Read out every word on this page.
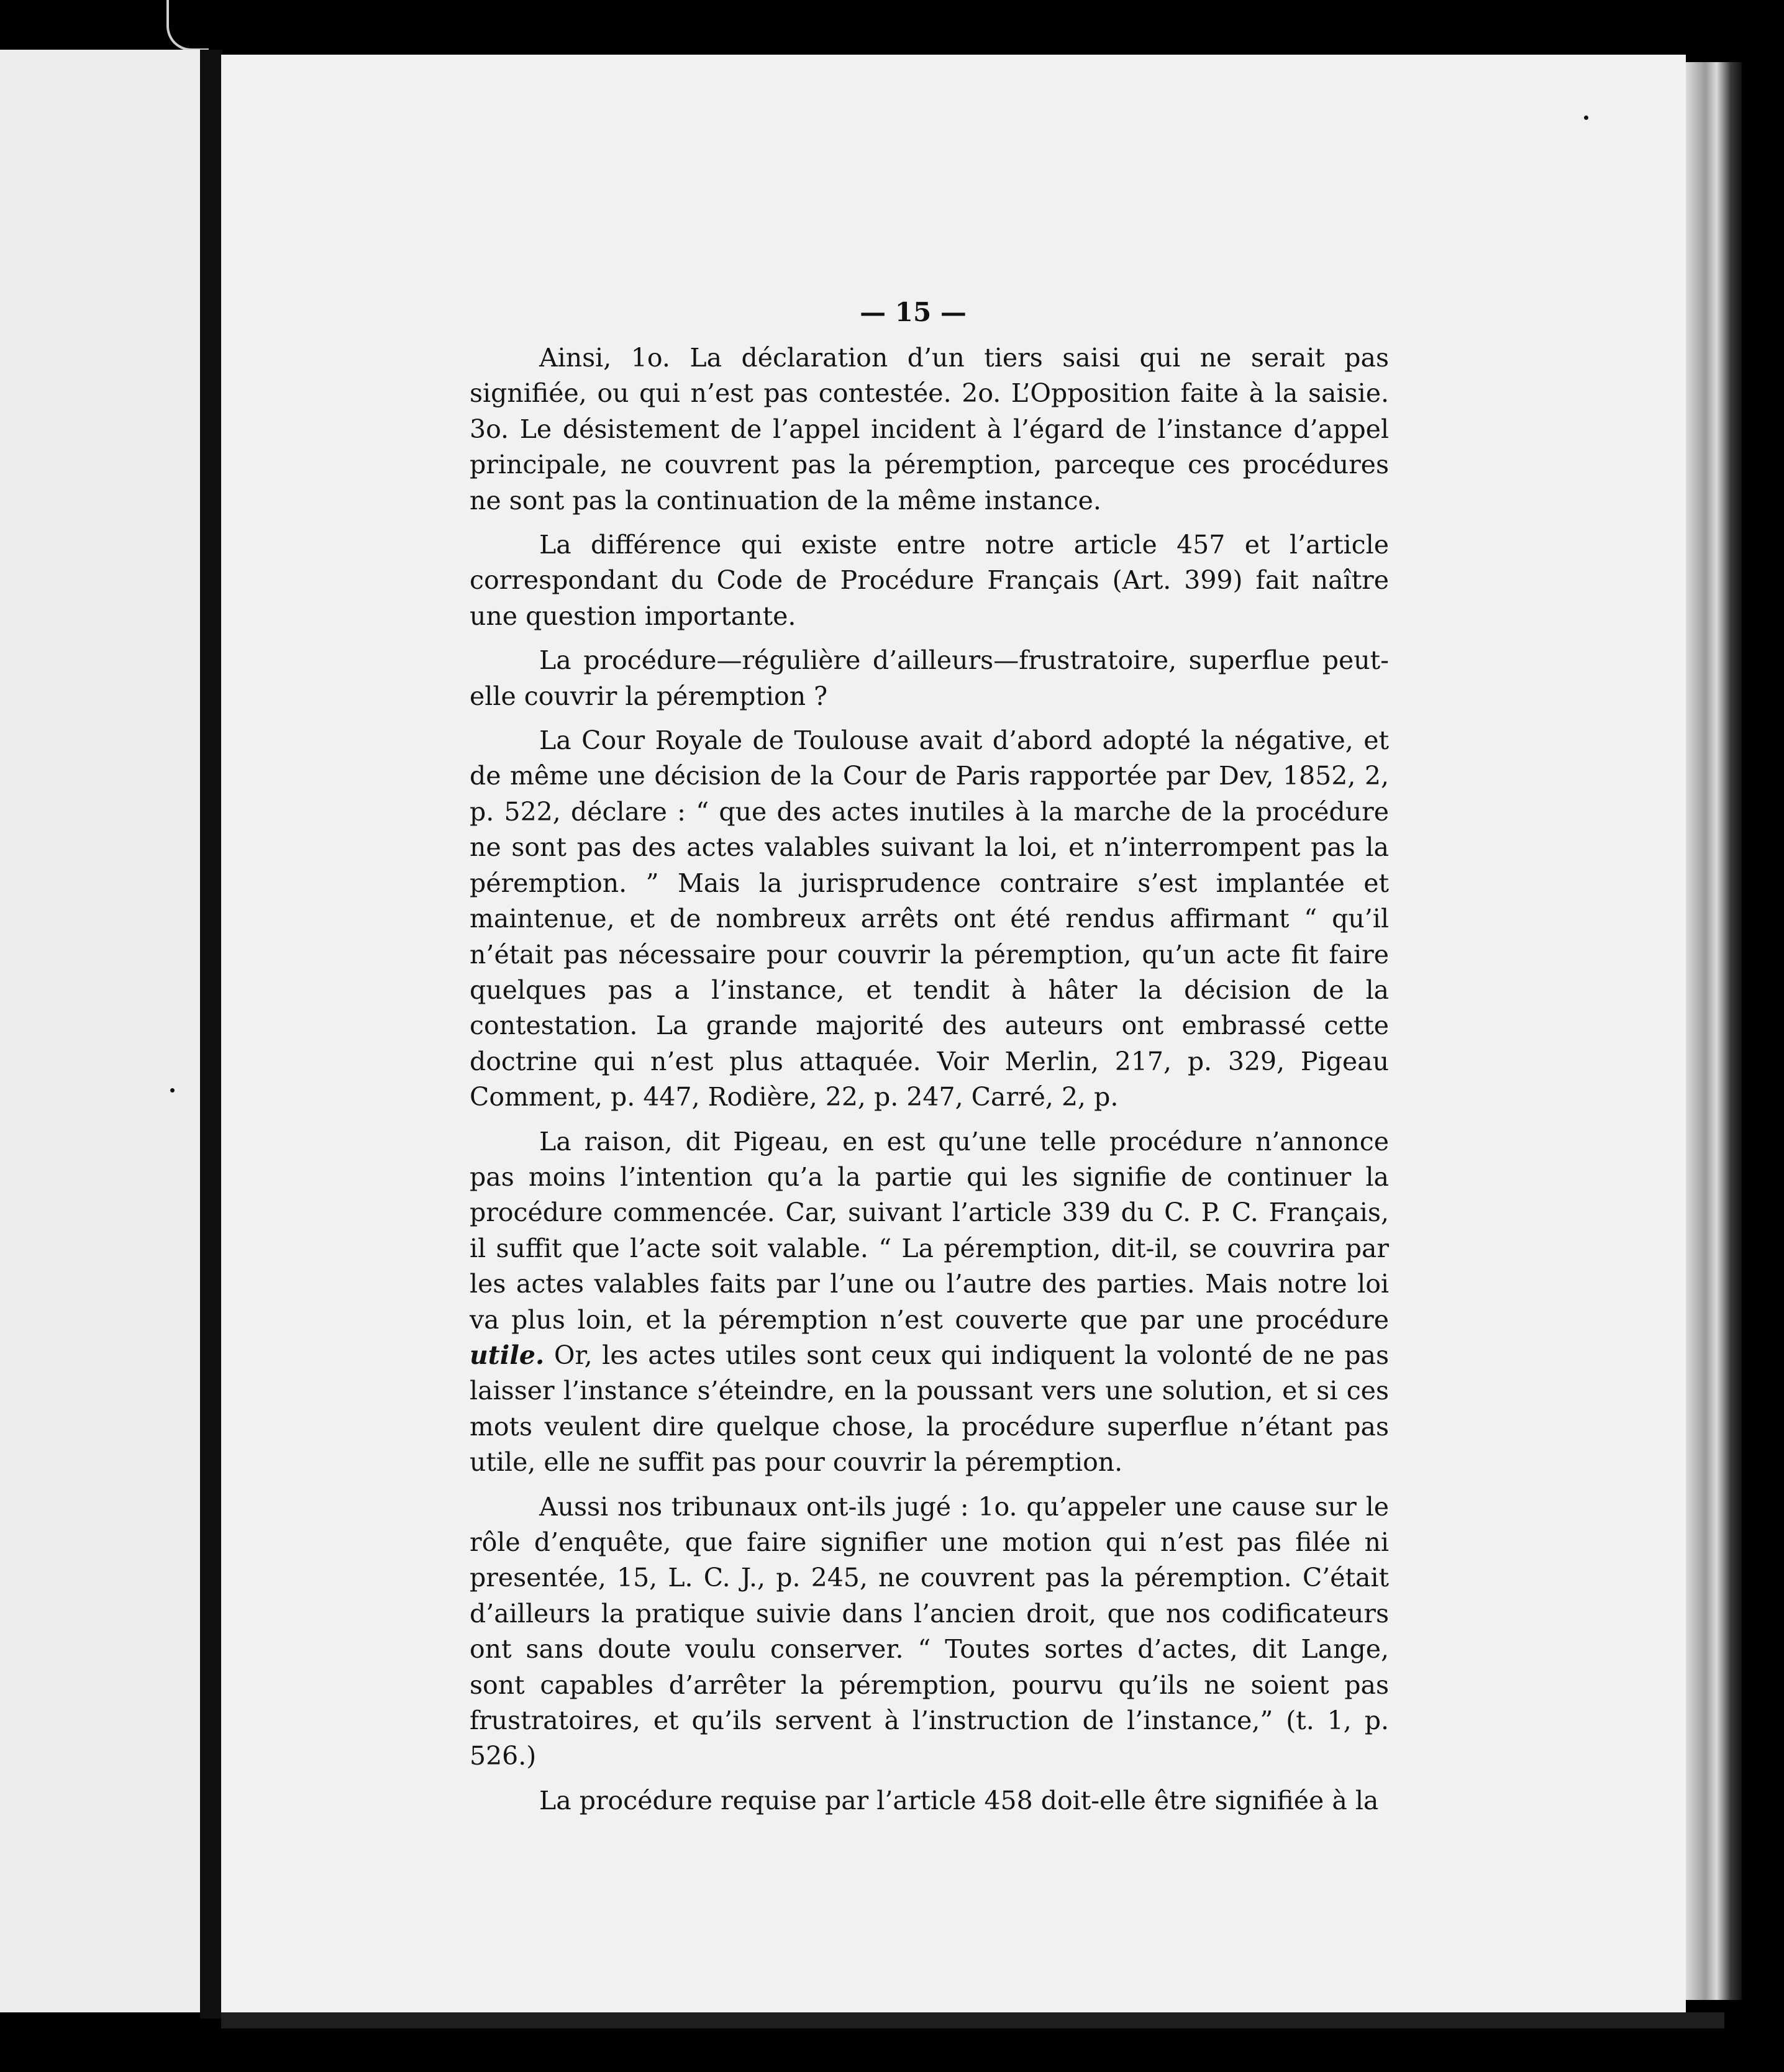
— 15 —

Ainsi, 1o. La déclaration d’un tiers saisi qui ne serait pas signifiée, ou qui n’est pas contestée. 2o. L’Opposition faite à la saisie. 3o. Le désistement de l’appel incident à l’égard de l’instance d’appel principale, ne couvrent pas la péremption, parceque ces procédures ne sont pas la continuation de la même instance.

La différence qui existe entre notre article 457 et l’article correspondant du Code de Procédure Français (Art. 399) fait naître une question importante.

La procédure—régulière d’ailleurs—frustratoire, superflue peut-elle couvrir la péremption ?

La Cour Royale de Toulouse avait d’abord adopté la négative, et de même une décision de la Cour de Paris rapportée par Dev, 1852, 2, p. 522, déclare : “ que des actes inutiles à la marche de la procédure ne sont pas des actes valables suivant la loi, et n’interrompent pas la péremption. ” Mais la jurisprudence contraire s’est implantée et maintenue, et de nombreux arrêts ont été rendus affirmant “ qu’il n’était pas nécessaire pour couvrir la péremption, qu’un acte fit faire quelques pas a l’instance, et tendit à hâter la décision de la contestation. La grande majorité des auteurs ont embrassé cette doctrine qui n’est plus attaquée. Voir Merlin, 217, p. 329, Pigeau Comment, p. 447, Rodière, 22, p. 247, Carré, 2, p.

La raison, dit Pigeau, en est qu’une telle procédure n’annonce pas moins l’intention qu’a la partie qui les signifie de continuer la procédure commencée. Car, suivant l’article 339 du C. P. C. Français, il suffit que l’acte soit valable. “ La péremption, dit-il, se couvrira par les actes valables faits par l’une ou l’autre des parties. Mais notre loi va plus loin, et la péremption n’est couverte que par une procédure utile. Or, les actes utiles sont ceux qui indiquent la volonté de ne pas laisser l’instance s’éteindre, en la poussant vers une solution, et si ces mots veulent dire quelque chose, la procédure superflue n’étant pas utile, elle ne suffit pas pour couvrir la péremption.

Aussi nos tribunaux ont-ils jugé : 1o. qu’appeler une cause sur le rôle d’enquête, que faire signifier une motion qui n’est pas filée ni presentée, 15, L. C. J., p. 245, ne couvrent pas la péremption. C’était d’ailleurs la pratique suivie dans l’ancien droit, que nos codificateurs ont sans doute voulu conserver. “ Toutes sortes d’actes, dit Lange, sont capables d’arrêter la péremption, pourvu qu’ils ne soient pas frustratoires, et qu’ils servent à l’instruction de l’instance,” (t. 1, p. 526.)

La procédure requise par l’article 458 doit-elle être signifiée à la
